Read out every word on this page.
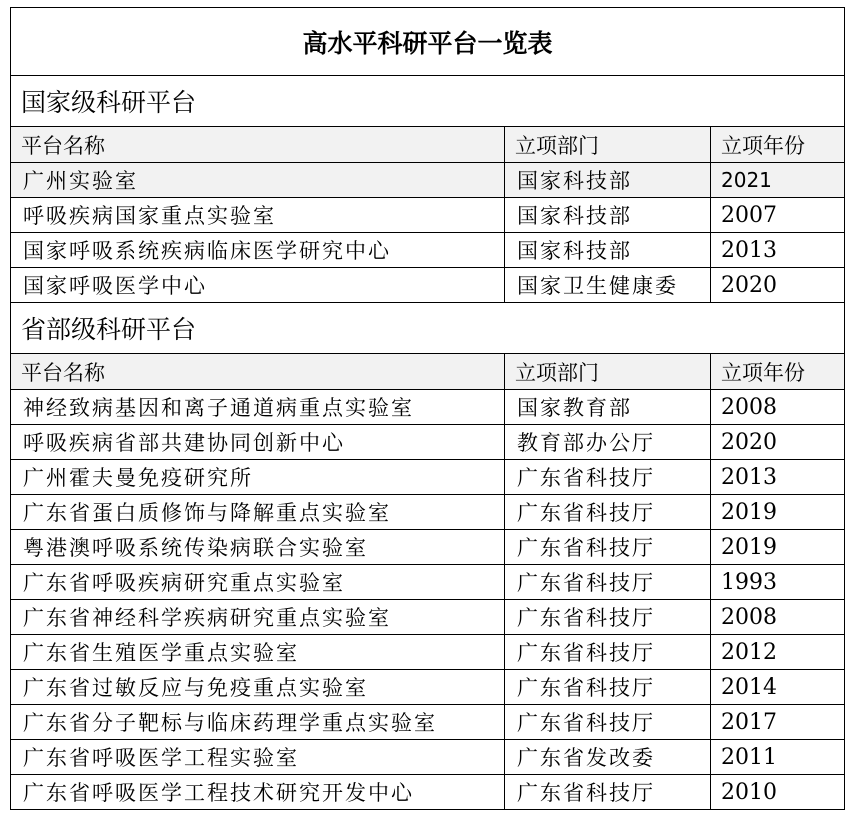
高水平科研平台一览表		
国家级科研平台		
平台名称	立项部门	立项年份
广州实验室	国家科技部	2021
呼吸疾病国家重点实验室	国家科技部	2007
国家呼吸系统疾病临床医学研究中心	国家科技部	2013
国家呼吸医学中心	国家卫生健康委	2020
省部级科研平台		
平台名称	立项部门	立项年份
神经致病基因和离子通道病重点实验室	国家教育部	2008
呼吸疾病省部共建协同创新中心	教育部办公厅	2020
广州霍夫曼免疫研究所	广东省科技厅	2013
广东省蛋白质修饰与降解重点实验室	广东省科技厅	2019
粤港澳呼吸系统传染病联合实验室	广东省科技厅	2019
广东省呼吸疾病研究重点实验室	广东省科技厅	1993
广东省神经科学疾病研究重点实验室	广东省科技厅	2008
广东省生殖医学重点实验室	广东省科技厅	2012
广东省过敏反应与免疫重点实验室	广东省科技厅	2014
广东省分子靶标与临床药理学重点实验室	广东省科技厅	2017
广东省呼吸医学工程实验室	广东省发改委	2011
广东省呼吸医学工程技术研究开发中心	广东省科技厅	2010
